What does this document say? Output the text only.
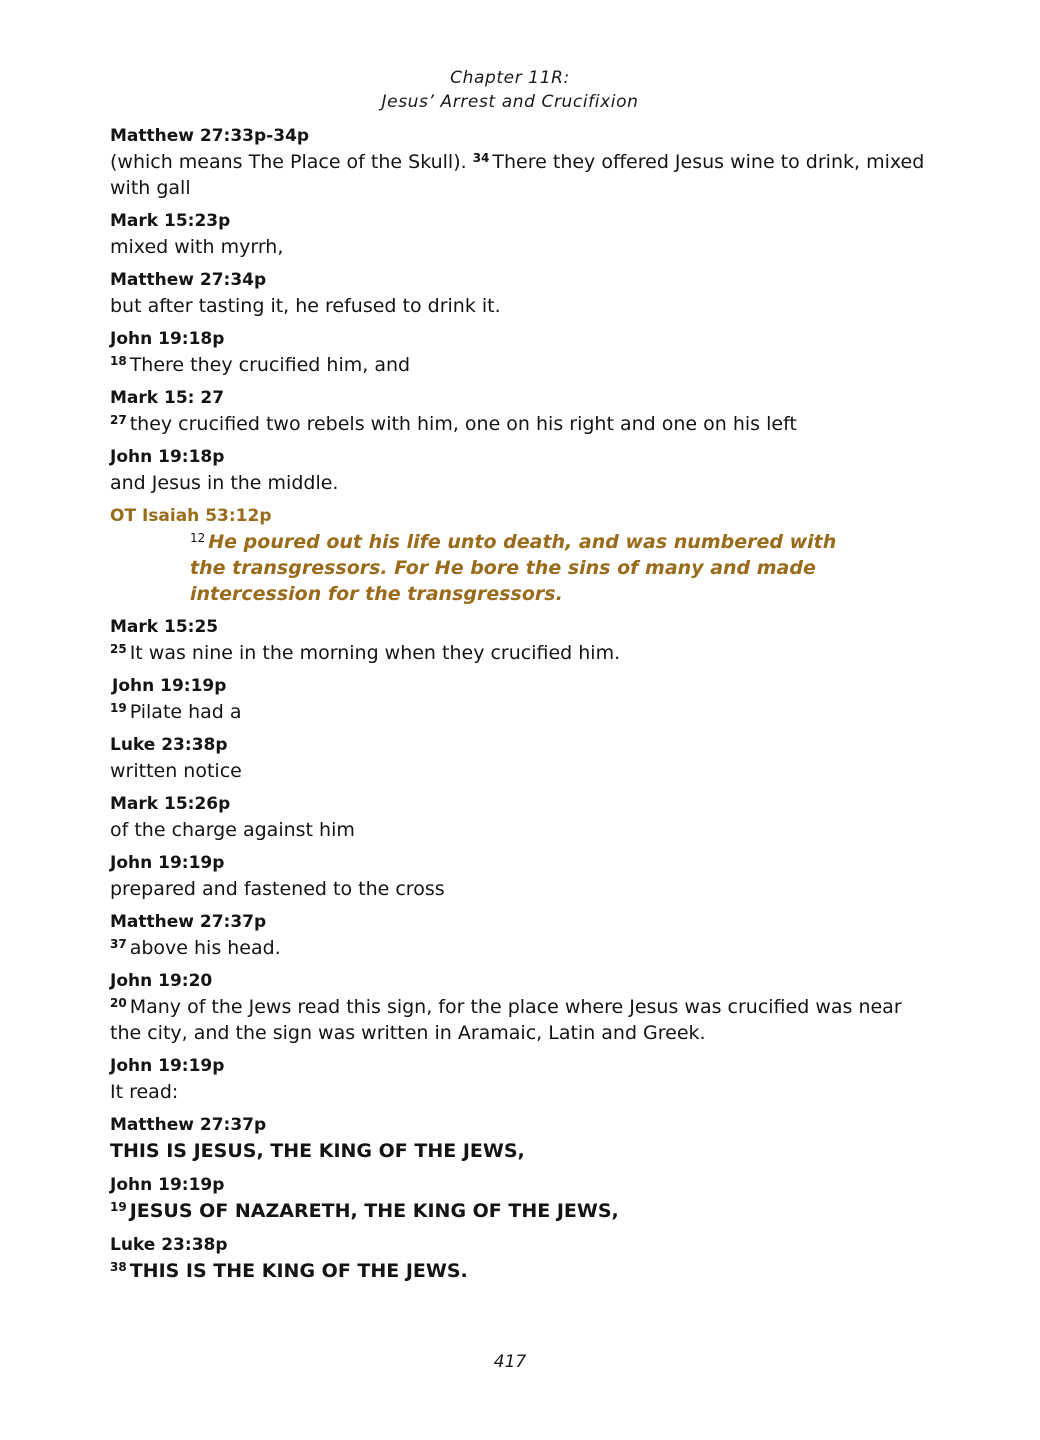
Chapter 11R:
Jesus’ Arrest and Crucifixion
Matthew 27:33p-34p
(which means The Place of the Skull). $^{34}$ There they offered Jesus wine to drink, mixed with gall
Mark 15:23p
mixed with myrrh,
Matthew 27:34p
but after tasting it, he refused to drink it.
John 19:18p
$^{18}$ There they crucified him, and
Mark 15: 27
$^{27}$ they crucified two rebels with him, one on his right and one on his left
John 19:18p
and Jesus in the middle.
OT Isaiah 53:12p
$^{12}$ He poured out his life unto death, and was numbered with the transgressors. For He bore the sins of many and made intercession for the transgressors.
Mark 15:25
$^{25}$ It was nine in the morning when they crucified him.
John 19:19p
$^{19}$ Pilate had a
Luke 23:38p
written notice
Mark 15:26p
of the charge against him
John 19:19p
prepared and fastened to the cross
Matthew 27:37p
$^{37}$ above his head.
John 19:20
$^{20}$ Many of the Jews read this sign, for the place where Jesus was crucified was near the city, and the sign was written in Aramaic, Latin and Greek.
John 19:19p
It read:
Matthew 27:37p
THIS IS JESUS, THE KING OF THE JEWS,
John 19:19p
$^{19}$ JESUS OF NAZARETH, THE KING OF THE JEWS,
Luke 23:38p
$^{38}$ THIS IS THE KING OF THE JEWS.
417
